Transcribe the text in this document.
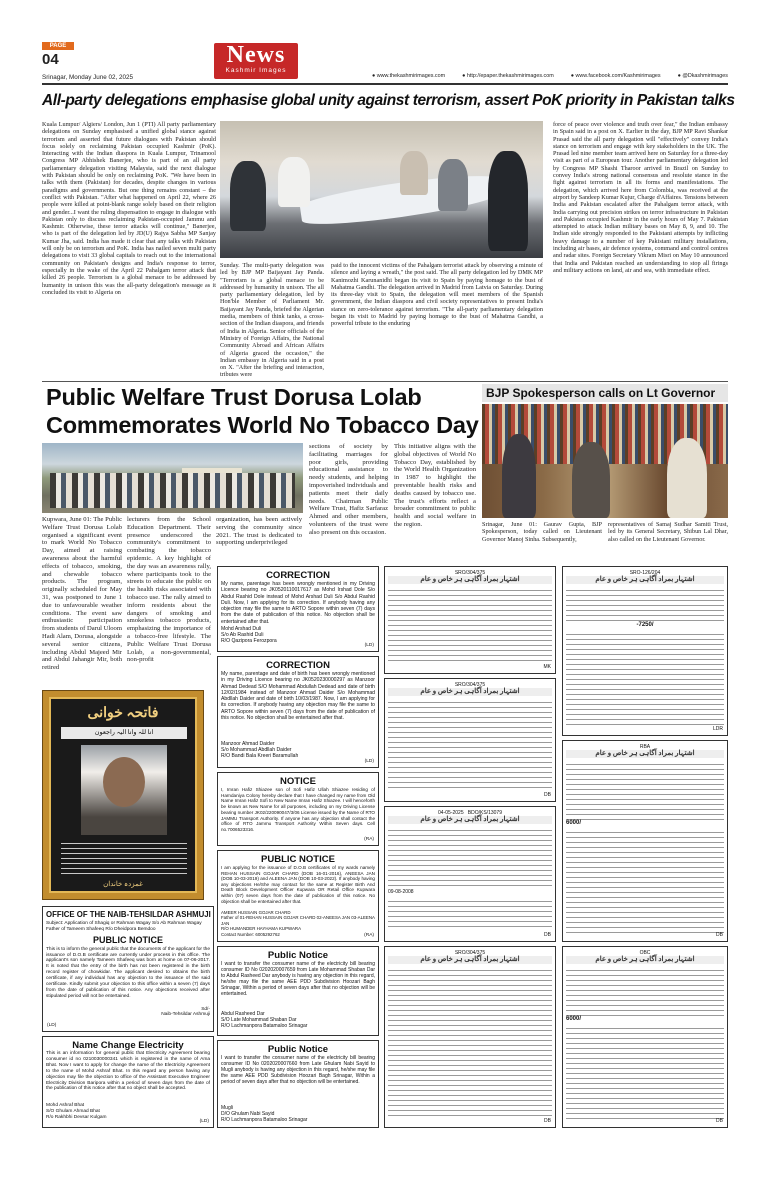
PAGE
04	News
Kashmir Images
Srinagar, Monday June 02, 2025	● www.thekashmirimages.com	● http://epaper.thekashmirimages.com	● www.facebook.com/Kashmirimages	● @Dkashmirimages
All-party delegations emphasise global unity against terrorism, assert PoK priority in Pakistan talks
Kuala Lumpur/ Algiers/ London, Jun 1 (PTI) All party parliamentary delegations on Sunday emphasised a unified global stance against terrorism and asserted that future dialogues with Pakistan should focus solely on reclaiming Pakistan occupied Kashmir (PoK). Interacting with the Indian diaspora in Kuala Lumpur, Trinamool Congress MP Abhishek Banerjee, who is part of an all party parliamentary delegation visiting Malaysia, said the next dialogue with Pakistan should be only on reclaiming PoK. "We have been in talks with them (Pakistan) for decades, despite changes in various paradigms and governments. But one thing remains constant – the conflict with Pakistan. "After what happened on April 22, where 26 people were killed at point-blank range solely based on their religion and gender...I want the ruling dispensation to engage in dialogue with Pakistan only to discuss reclaiming Pakistan-occupied Jammu and Kashmir. Otherwise, these terror attacks will continue," Banerjee, who is part of the delegation led by JD(U) Rajya Sabha MP Sanjay Kumar Jha, said. India has made it clear that any talks with Pakistan will only be on terrorism and PoK. India has nailed seven multi party delegations to visit 33 global capitals to reach out to the international community on Pakistan's designs and India's response to terror, especially in the wake of the April 22 Pahalgam terror attack that killed 26 people. Terrorism is a global menace to be addressed by humanity in unison this was the all-party delegation's message as it concluded its visit to Algeria on
Sunday. The multi-party delegation was led by BJP MP Baijayant Jay Panda. "Terrorism is a global menace to be addressed by humanity in unison. The all party parliamentary delegation, led by Hon'ble Member of Parliament Mr. Baijayant Jay Panda, briefed the Algerian media, members of think tanks, a cross-section of the Indian diaspora, and friends of India in Algeria. Senior officials of the Ministry of Foreign Affairs, the National Community Abroad and African Affairs of Algeria graced the occasion," the Indian embassy in Algeria said in a post on X. "After the briefing and interaction, tributes were
paid to the innocent victims of the Pahalgam terrorist attack by observing a minute of silence and laying a wreath," the post said. The all party delegation led by DMK MP Kanimozhi Karunanidhi began its visit to Spain by paying homage to the bust of Mahatma Gandhi. The delegation arrived in Madrid from Latvia on Saturday. During its three-day visit to Spain, the delegation will meet members of the Spanish government, the Indian diaspora and civil society representatives to present India's stance on zero-tolerance against terrorism. "The all-party parliamentary delegation began its visit to Madrid by paying homage to the bust of Mahatma Gandhi, a powerful tribute to the enduring
force of peace over violence and truth over fear," the Indian embassy in Spain said in a post on X. Earlier in the day, BJP MP Ravi Shankar Prasad said the all party delegation will "effectively" convey India's stance on terrorism and engage with key stakeholders in the UK. The Prasad led nine member team arrived here on Saturday for a three-day visit as part of a European tour. Another parliamentary delegation led by Congress MP Shashi Tharoor arrived in Brazil on Sunday to convey India's strong national consensus and resolute stance in the fight against terrorism in all its forms and manifestations. The delegation, which arrived here from Colombia, was received at the airport by Sandeep Kumar Kujur, Charge d'Affaires. Tensions between India and Pakistan escalated after the Pahalgam terror attack, with India carrying out precision strikes on terror infrastructure in Pakistan and Pakistan occupied Kashmir in the early hours of May 7. Pakistan attempted to attack Indian military bases on May 8, 9, and 10. The Indian side strongly responded to the Pakistani attempts by inflicting heavy damage to a number of key Pakistani military installations, including air bases, air defence systems, command and control centres and radar sites. Foreign Secretary Vikram Misri on May 10 announced that India and Pakistan reached an understanding to stop all firings and military actions on land, air and sea, with immediate effect.
Public Welfare Trust Dorusa Lolab
Commemorates World No Tobacco Day
sections of society by facilitating marriages for poor girls, providing educational assistance to needy students, and helping impoverished individuals and patients meet their daily needs. Chairman Public Welfare Trust, Hafiz Sarfaraz Ahmed and other members, volunteers of the trust were also present on this occasion.
This initiative aligns with the global objectives of World No Tobacco Day, established by the World Health Organization in 1987 to highlight the preventable health risks and deaths caused by tobacco use. The trust's efforts reflect a broader commitment to public health and social welfare in the region.
Kupwara, June 01: The Public Welfare Trust Dorusa Lolab organised a significant event to mark World No Tobacco Day, aimed at raising awareness about the harmful effects of tobacco, smoking, and chewable tobacco products. The program, originally scheduled for May 31, was postponed to June 1 due to unfavourable weather conditions. The event saw enthusiastic participation from students of Darul Uloom Hadi Alam, Dorusa, alongside several senior citizens, including Abdul Majeed Mir and Abdul Jahangir Mir, both retired
lecturers from the School Education Department. Their presence underscored the community's commitment to combating the tobacco epidemic. A key highlight of the day was an awareness rally, where participants took to the streets to educate the public on the health risks associated with tobacco use. The rally aimed to inform residents about the dangers of smoking and smokeless tobacco products, emphasizing the importance of a tobacco-free lifestyle. The Public Welfare Trust Dorusa Lolab, a non-governmental, non-profit
organization, has been actively serving the community since 2021. The trust is dedicated to supporting underprivileged
BJP Spokesperson calls on Lt Governor
Srinagar, June 01: Gaurav Gupta, BJP Spokesperson, today called on Lieutenant Governor Manoj Sinha. Subsequently,
representatives of Samaj Sudhar Samiti Trust, led by its General Secretary, Shibun Lal Dhar, also called on the Lieutenant Governor.
فاتحہ خوانی
انا للہ وانا الیہ راجعون
غمزدہ خاندان
OFFICE OF THE NAIB-TEHSILDAR ASHMUJI
Subject: Application of Shagiq or Rahman Wagay S/o Ab Rahman Wagay Father of Tameem Shafeeq R/o Dheidpora Bemdoo
PUBLIC NOTICE
This is to inform the general public that the documents of the applicant for the issuance of D.O.B certificate are currently under process in this office. The applicant's son namely Tameem Shafeeq was born at home on 07-06-2017. It is noted that the entry of the birth has not been registered in the birth record register of chowkidar. The applicant desired to obtains the birth certificate, if any individual has any objection to the issuance of the said certificate. Kindly submit your objection to this office within a seven (7) days from the date of publication of this notice. Any objections received after stipulated period will not be entertained.
Sd/-
Naib-Tehsildar Ashmuji
(LD)
Name Change Electricity
This is an information for general public that Electricity Agreement bearing consumer id no 0210030000341 which is registered in the name of Ama Bhat. Now I want to apply for change the name of the Electricity Agreement to the name of Mohd Ashraf Bhat. In this regard any person having any objection may file the objection to office of the Assistant Executive Engineer Electricity Division Baripora within a period of seven days from the date of the publication of this notice after that no object shall be accepted.
Mohd Ashraf Bhat
S/O Ghulam Ahmad Bhat
R/o Rakhbhi Devsar Kulgam
(LD)
CORRECTION
My name, parentage has been wrongly mentioned in my Driving Licence bearing no JK0520110017617 as Mohd Irshad Dole S/o Abdul Rashid Dole instead of Mohd Arshad Duli S/o Abdul Rashid Duli. Now, I am applying for its correction. If anybody having any objection may file the same to ARTO Sopore within seven (7) days from the date of publication of this notice. No objection shall be entertained after that.
Mohd Arshad Duli
S/o Ab Rashid Duli
R/O Qazipora Ferozpora
(LD)
CORRECTION
My name, parentage and date of birth has been wrongly mentioned in my Driving Licence bearing no JK0520230000297 as Manzoor Ahmad Dedead S/O Mohammad Abdullah Dedead and date of birth 12/02/1984 instead of Manzoor Ahmad Daider S/o Mohammad Abdllah Daider and date of birth 10/03/1987. Now, I am applying for its correction. If anybody having any objection may file the same to ARTO Sopore within seven (7) days from the date of publication of this notice. No objection shall be entertained after that.
Manzoor Ahmad Daider
S/o Mohammad Abdllah Daider
R/O Bandi Bala Kreeri Baramullah
(LD)
NOTICE
I, Imran Hafiz Shiazee son of Sofi Hafiz Ullah Shiazee residing of Harndaniya Colony hereby declare that I have changed my name from Old Name Imran Hafiz Sofi to New Name Imran Hafiz Shiazee. I will henceforth be known as New Name for all purposes, including on my Driving License bearing number JK02/220090047/3/06 License issued by the Name of RTO JAMMU Transport Authority. If anyone has any objection shall contact the office of RTO Jammu Transport Authority Within Seven days. Cell no.7006523316.
(RA)
PUBLIC NOTICE
I am applying for the issuance of D.O.B certificates of my wards namely REHAN HUSSAIN GOJAR CHARD (DOB 16-01-2016), ANEESA JAN (DOB 10-03-2019) and ALEENA JAN (DOB 10-03-2022). If anybody having any objections He/She may contact for the same at Register Birth And Death Block Development Officer Kupwara OR Retail Office Kupwara within (07) seven days from the date of publication of this notice. No objection shall be entertained after that.
AMEER HUSSAIN GOJAR CHARD
Father of 01-REHAN HUSSAIN GOJAR CHARD 02-ANEESA JAN 03-ALEENA JAN
R/O HUMANDER HAYHAMA KUPWARA
Contact Number: 6005292762	(RA)
Public Notice
I want to transfer the consumer name of the electricity bill bearing consumer ID No 0202020007659 from Late Mohammad Shaban Dar to Abdul Rasheed Dar anybody is having any objection in this regard, he/she may file the same AEE PDD Subdivision Hoozari Bagh Srinagar, Within a period of seven days after that no objection will be entertained.
Abdul Rasheed Dar
S/O Late Mohammad Shaban Dar
R/O Lachmanpora Batamaloo Srinagar
Public Notice
I want to transfer the consumer name of the electricity bill bearing consumer ID No 0202020007660 from Late Ghulam Nabi Sayid to Mugli anybody is having any objection in this regard, he/she may file the same AEE PDD Subdivision Hoozari Bagh Srinagar, Within a period of seven days after that no objection will be entertained.
Mugli
D/O Ghulam Nabi Sayid
R/O Lachmanpora Batamaloo Srinagar
SRO/304/375
اشتہار بمراد آگاہی ہر خاص و عام
MK
SRO/304/375
اشتہار بمراد آگاہی ہر خاص و عام
DB
04-05-2025 BDO/KS/13079
اشتہار بمراد آگاہی ہر خاص و عام
09-08-2008
DB
SRO/304/375
اشتہار بمراد آگاہی ہر خاص و عام
DB
SRO-126/204
اشتہار بمراد آگاہی ہر خاص و عام
-7250/
LDR
RBA
اشتہار بمراد آگاہی ہر خاص و عام
6000/
DB
OBC
اشتہار بمراد آگاہی ہر خاص و عام
6000/
DB
